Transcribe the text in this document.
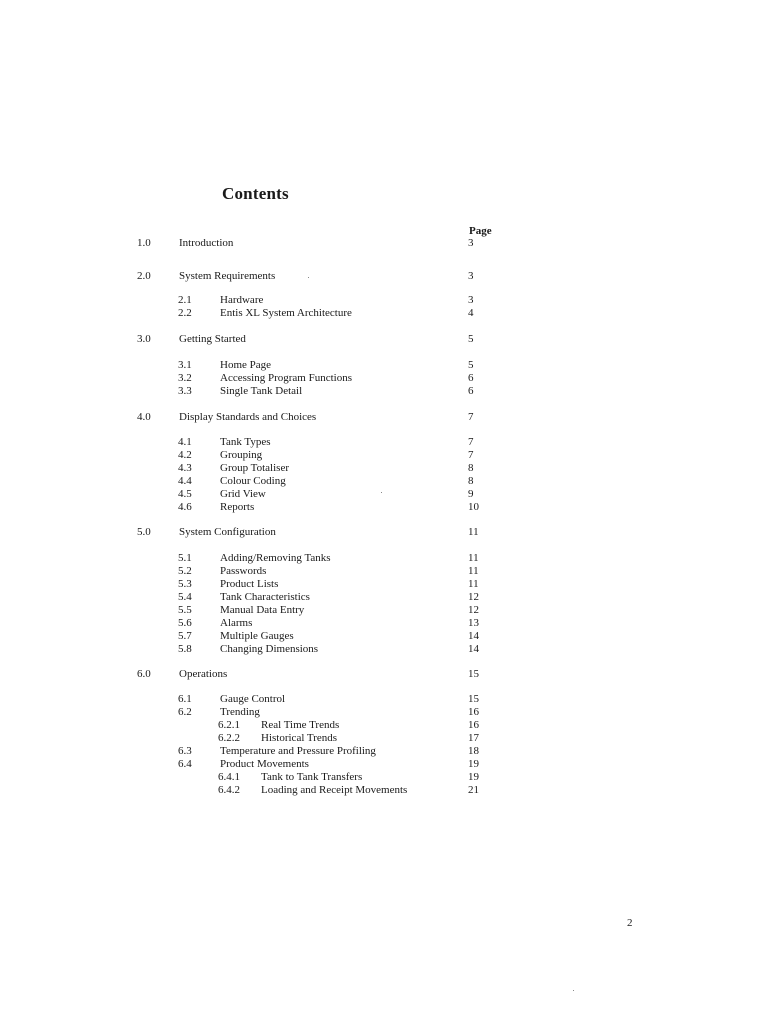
Contents
Page
1.0	Introduction	3
2.0	System Requirements	3
2.1	Hardware	3
2.2	Entis XL System Architecture	4
3.0	Getting Started	5
3.1	Home Page	5
3.2	Accessing Program Functions	6
3.3	Single Tank Detail	6
4.0	Display Standards and Choices	7
4.1	Tank Types	7
4.2	Grouping	7
4.3	Group Totaliser	8
4.4	Colour Coding	8
4.5	Grid View	9
4.6	Reports	10
5.0	System Configuration	11
5.1	Adding/Removing Tanks	11
5.2	Passwords	11
5.3	Product Lists	11
5.4	Tank Characteristics	12
5.5	Manual Data Entry	12
5.6	Alarms	13
5.7	Multiple Gauges	14
5.8	Changing Dimensions	14
6.0	Operations	15
6.1	Gauge Control	15
6.2	Trending	16
6.2.1 Real Time Trends	16
6.2.2 Historical Trends	17
6.3	Temperature and Pressure Profiling	18
6.4	Product Movements	19
6.4.1 Tank to Tank Transfers	19
6.4.2 Loading and Receipt Movements	21
2
